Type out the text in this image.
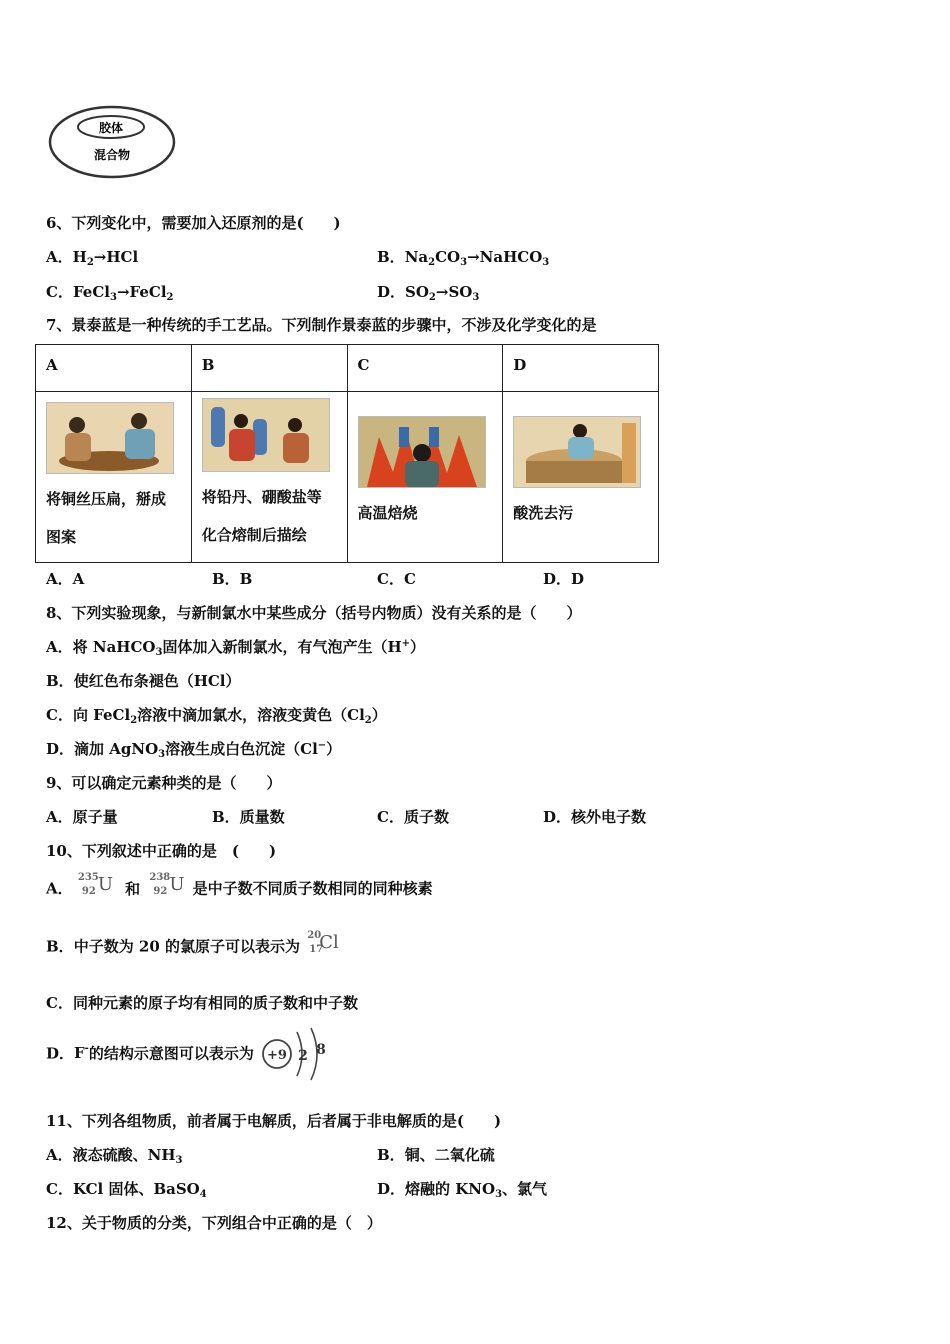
胶体
混合物
6、下列变化中，需要加入还原剂的是(　　)
A．$H_2\to HCl$	B．$Na_2CO_3\to NaHCO_3$
C．FeCl$_3$→FeCl$_2$	D．$SO_2\to SO_3$
7、景泰蓝是一种传统的手工艺品。下列制作景泰蓝的步骤中，不涉及化学变化的是
A	B	C	D

将铜丝压扁，掰成图案	将铅丹、硼酸盐等化合熔制后描绘	高温焙烧	酸洗去污
A．A	B．B	C．C	D．D
8、下列实验现象，与新制氯水中某些成分（括号内物质）没有关系的是（　　）
A．将 NaHCO$_3$固体加入新制氯水，有气泡产生（H+）
B．使红色布条褪色（HCl）
C．向 FeCl$_2$溶液中滴加氯水，溶液变黄色$(Cl_2)$
D．滴加 AgNO$_3$溶液生成白色沉淀（Cl−）
9、可以确定元素种类的是（　　）
A．原子量	B．质量数	C．质子数	D．核外电子数
10、下列叙述中正确的是　(　　)
A．
235
92 U 和
238
92 U 是中子数不同质子数相同的同种核素
B．中子数为 20 的氯原子可以表示为
20
17
Cl
C．同种元素的原子均有相同的质子数和中子数
D．F-的结构示意图可以表示为 +9 2 8
11、下列各组物质，前者属于电解质，后者属于非电解质的是(　　)
A．液态硫酸、$NH_3$	B．铜、二氧化硫
C．KCl 固体、BaSO$_4$	D．熔融的 $KNO_3$、氯气
12、关于物质的分类，下列组合中正确的是（　）
